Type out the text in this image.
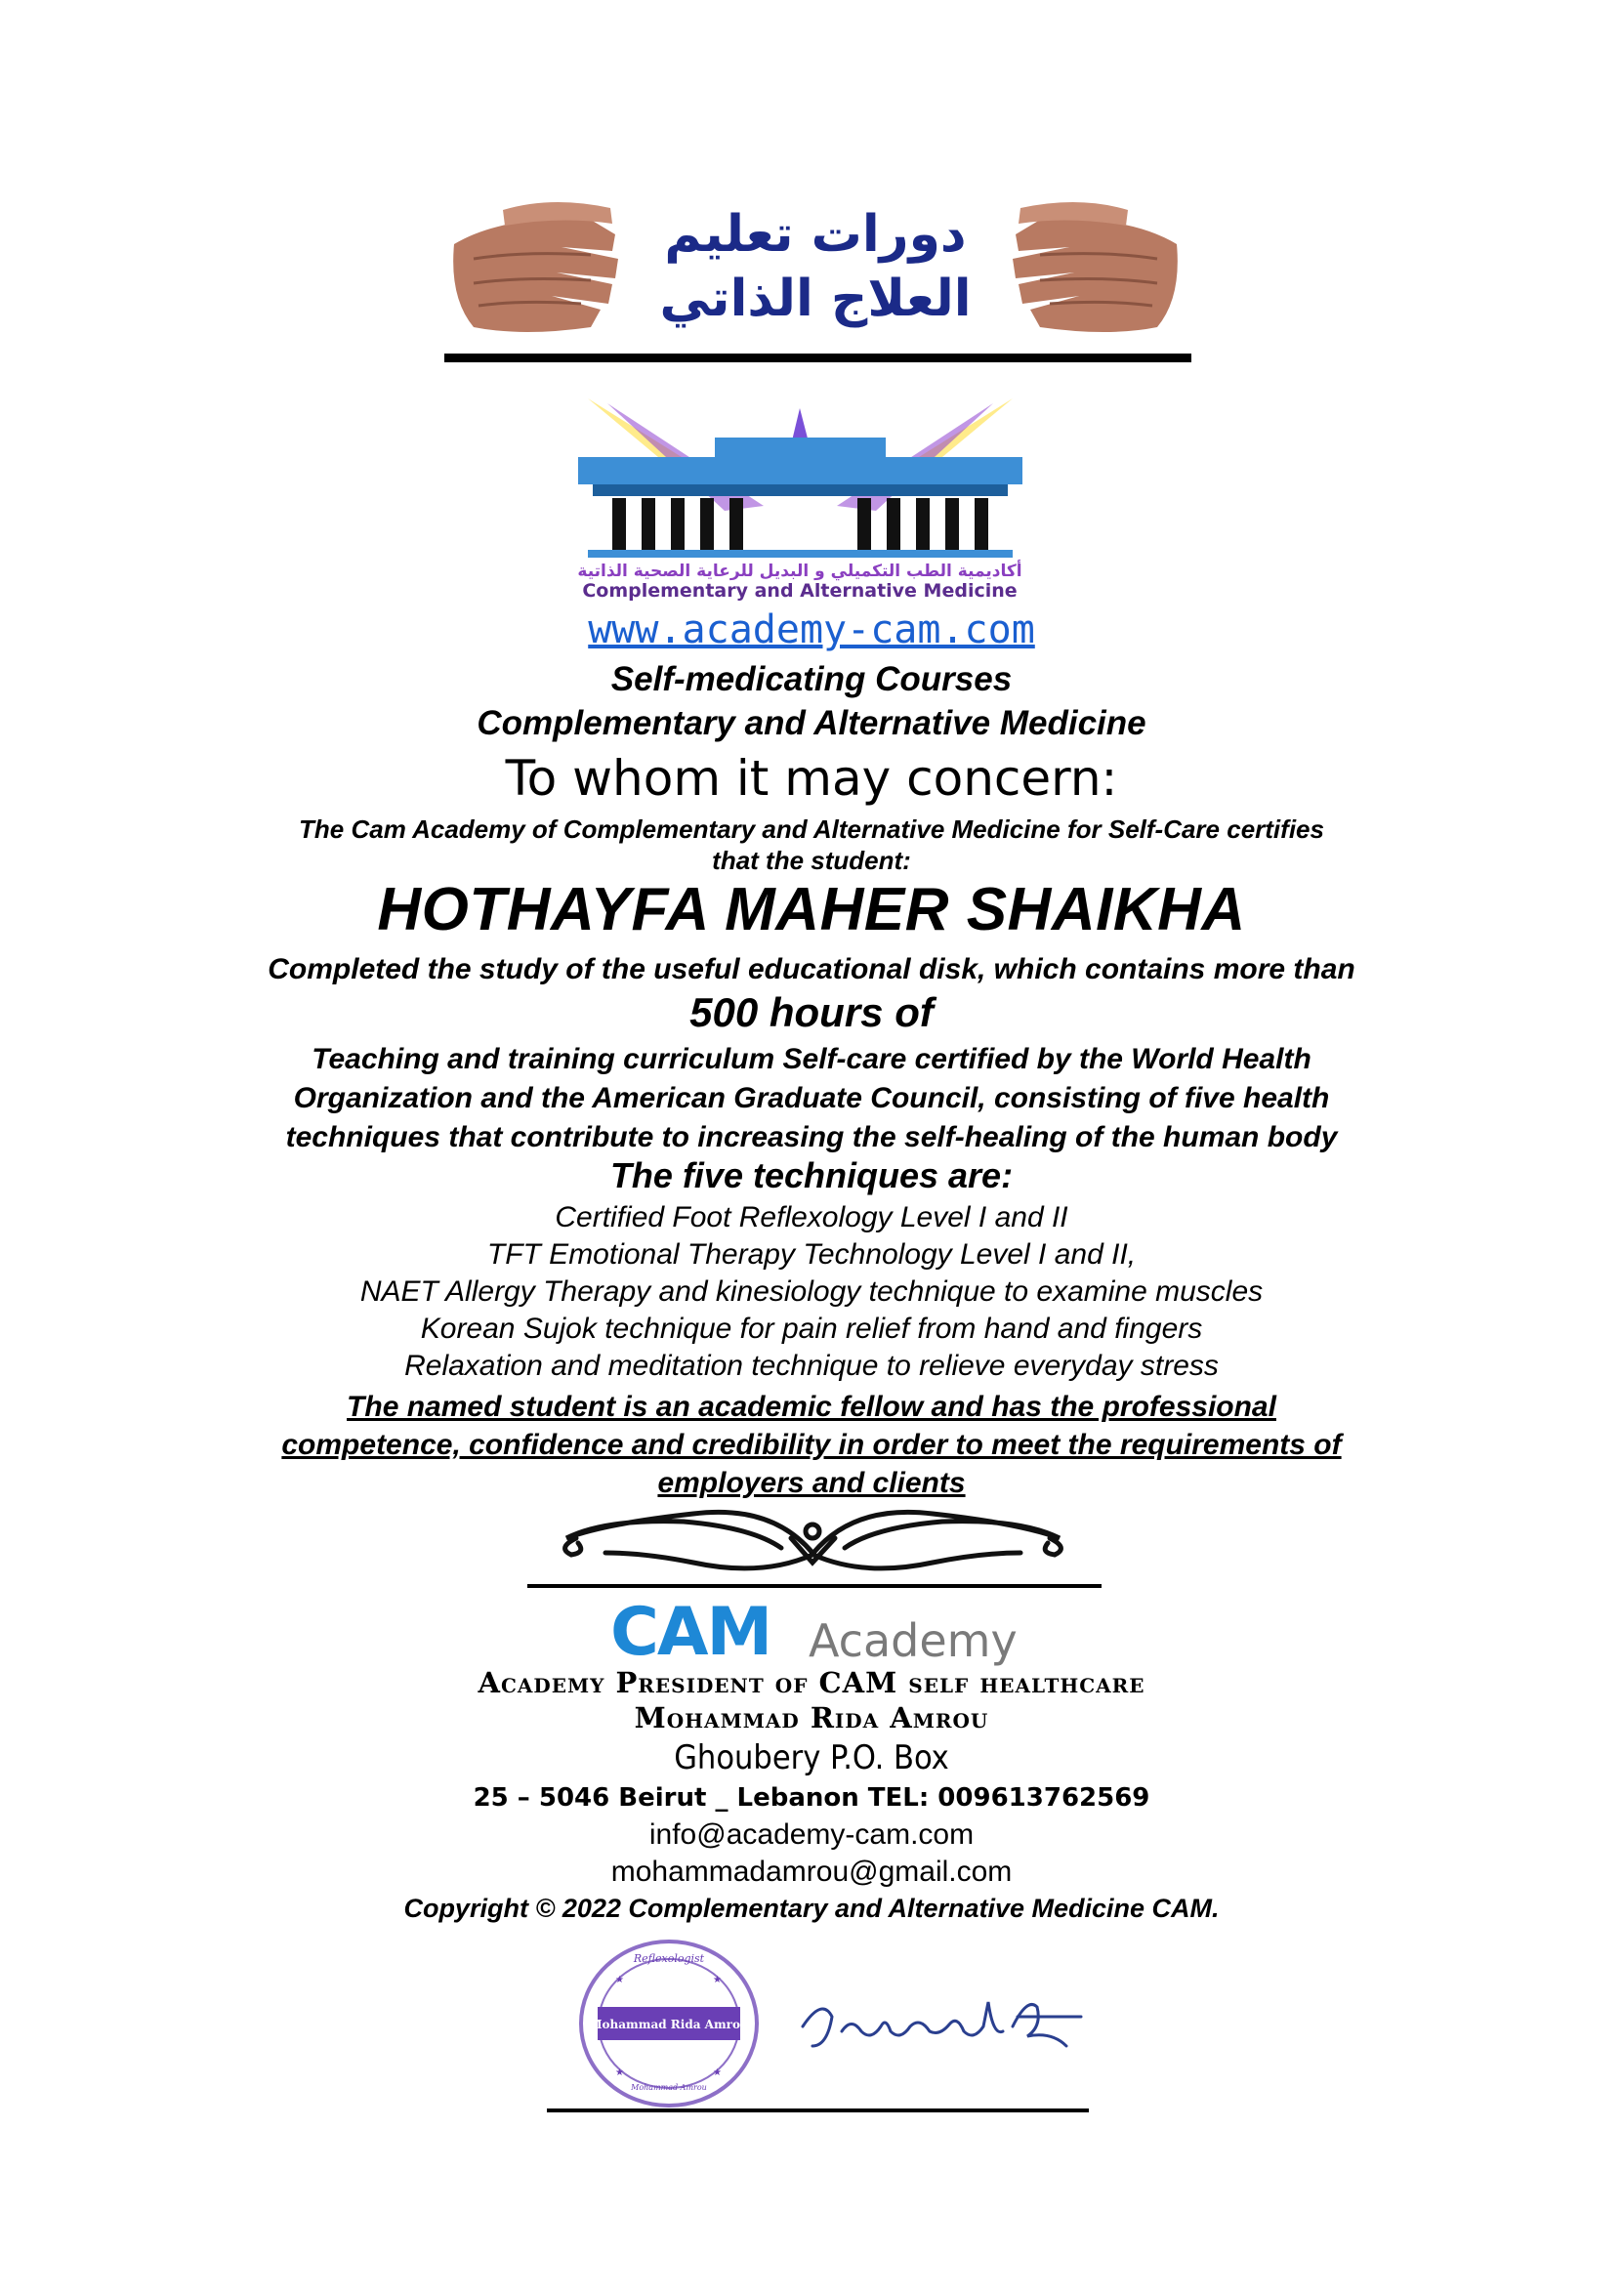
دورات تعليم
العلاج الذاتي
أكاديمية الطب التكميلي و البديل للرعاية الصحية الذاتية
Complementary and Alternative Medicine
www.academy-cam.com
Self-medicating Courses
Complementary and Alternative Medicine
To whom it may concern:
The Cam Academy of Complementary and Alternative Medicine for Self-Care certifies
that the student:
HOTHAYFA MAHER SHAIKHA
Completed the study of the useful educational disk, which contains more than
500 hours of
Teaching and training curriculum Self-care certified by the World Health
Organization and the American Graduate Council, consisting of five health
techniques that contribute to increasing the self-healing of the human body
The five techniques are:
Certified Foot Reflexology Level I and II
TFT Emotional Therapy Technology Level I and II,
NAET Allergy Therapy and kinesiology technique to examine muscles
Korean Sujok technique for pain relief from hand and fingers
Relaxation and meditation technique to relieve everyday stress
The named student is an academic fellow and has the professional
competence, confidence and credibility in order to meet the requirements of
employers and clients
CAM Academy
Academy President of CAM self healthcare
Mohammad Rida Amrou
Ghoubery P.O. Box
25 – 5046 Beirut _ Lebanon TEL: 009613762569
info@academy-cam.com
mohammadamrou@gmail.com
Copyright © 2022 Complementary and Alternative Medicine CAM.
Reflexologist
★	★
★	★
Mohammad Rida Amrou
Mohammad Amrou
